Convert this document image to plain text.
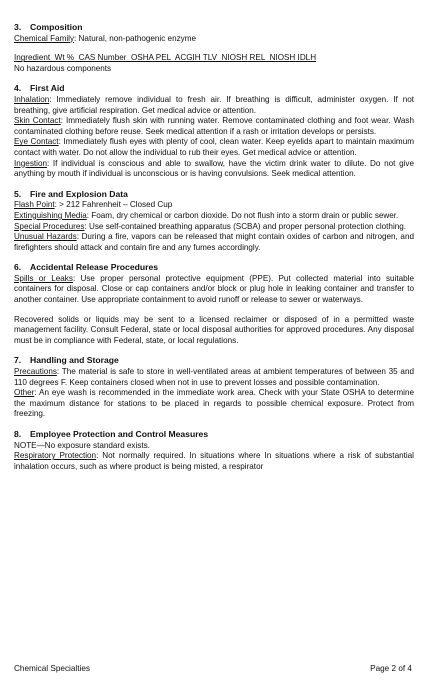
3. Composition

Chemical Family: Natural, non-pathogenic enzyme

Ingredient  Wt %  CAS Number  OSHA PEL  ACGIH TLV  NIOSH REL  NIOSH IDLH

No hazardous components

4. First Aid

Inhalation: Immediately remove individual to fresh air. If breathing is difficult, administer oxygen. If not breathing, give artificial respiration. Get medical advice or attention.

Skin Contact: Immediately flush skin with running water. Remove contaminated clothing and foot wear. Wash contaminated clothing before reuse. Seek medical attention if a rash or irritation develops or persists.

Eye Contact: Immediately flush eyes with plenty of cool, clean water. Keep eyelids apart to maintain maximum contact with water. Do not allow the individual to rub their eyes. Get medical advice or attention.

Ingestion: If individual is conscious and able to swallow, have the victim drink water to dilute. Do not give anything by mouth if individual is unconscious or is having convulsions. Seek medical attention.

5. Fire and Explosion Data

Flash Point: > 212 Fahrenheit – Closed Cup

Extinguishing Media: Foam, dry chemical or carbon dioxide. Do not flush into a storm drain or public sewer.

Special Procedures: Use self-contained breathing apparatus (SCBA) and proper personal protection clothing.

Unusual Hazards: During a fire, vapors can be released that might contain oxides of carbon and nitrogen, and firefighters should attack and contain fire and any fumes accordingly.

6. Accidental Release Procedures

Spills or Leaks: Use proper personal protective equipment (PPE). Put collected material into suitable containers for disposal. Close or cap containers and/or block or plug hole in leaking container and transfer to another container. Use appropriate containment to avoid runoff or release to sewer or waterways.

Recovered solids or liquids may be sent to a licensed reclaimer or disposed of in a permitted waste management facility. Consult Federal, state or local disposal authorities for approved procedures. Any disposal must be in compliance with Federal, state, or local regulations.

7. Handling and Storage

Precautions: The material is safe to store in well-ventilated areas at ambient temperatures of between 35 and 110 degrees F. Keep containers closed when not in use to prevent losses and possible contamination.

Other: An eye wash is recommended in the immediate work area. Check with your State OSHA to determine the maximum distance for stations to be placed in regards to possible chemical exposure. Protect from freezing.

8. Employee Protection and Control Measures

NOTE—No exposure standard exists.

Respiratory Protection: Not normally required. In situations where In situations where a risk of substantial inhalation occurs, such as where product is being misted, a respirator

Chemical Specialties	Page 2 of 4
